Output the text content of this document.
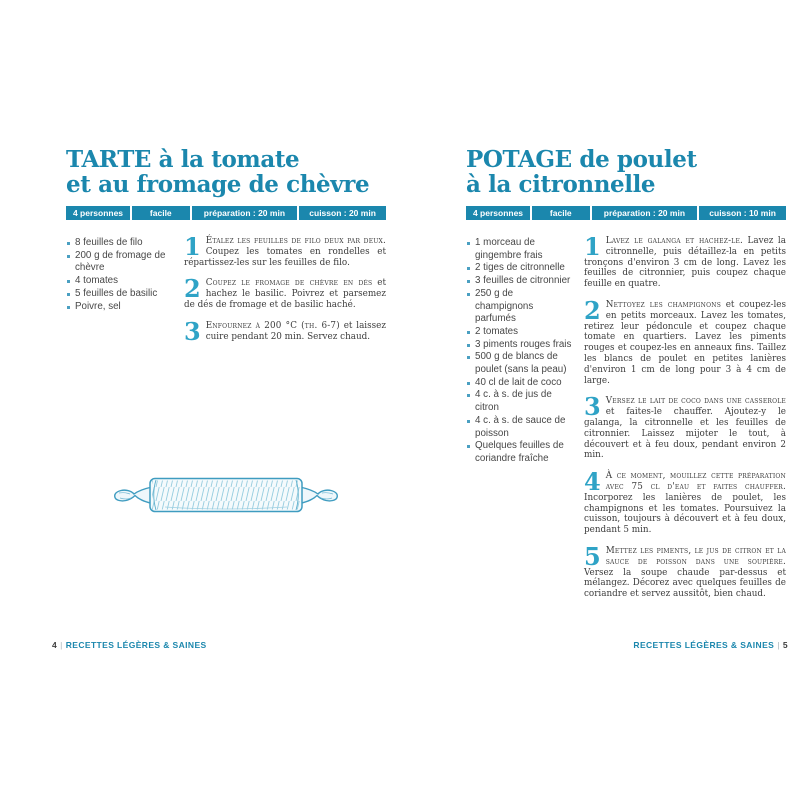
TARTE à la tomate
et au fromage de chèvre
4 personnes	facile	préparation : 20 min	cuisson : 20 min
8 feuilles de filo
200 g de fromage de chèvre
4 tomates
5 feuilles de basilic
Poivre, sel
1 Étalez les feuilles de filo deux par deux. Coupez les tomates en rondelles et répartissez-les sur les feuilles de filo.
2 Coupez le fromage de chèvre en dés et hachez le basilic. Poivrez et parsemez de dés de fromage et de basilic haché.
3 Enfournez à 200 °C (th. 6-7) et laissez cuire pendant 20 min. Servez chaud.
POTAGE de poulet
à la citronnelle
4 personnes	facile	préparation : 20 min	cuisson : 10 min
1 morceau de gingembre frais
2 tiges de citronnelle
3 feuilles de citronnier
250 g de champignons parfumés
2 tomates
3 piments rouges frais
500 g de blancs de poulet (sans la peau)
40 cl de lait de coco
4 c. à s. de jus de citron
4 c. à s. de sauce de poisson
Quelques feuilles de coriandre fraîche
1 Lavez le galanga et hachez-le. Lavez la citronnelle, puis détaillez-la en petits tronçons d'environ 3 cm de long. Lavez les feuilles de citronnier, puis coupez chaque feuille en quatre.
2 Nettoyez les champignons et coupez-les en petits morceaux. Lavez les tomates, retirez leur pédoncule et coupez chaque tomate en quartiers. Lavez les piments rouges et coupez-les en anneaux fins. Taillez les blancs de poulet en petites lanières d'environ 1 cm de long pour 3 à 4 cm de large.
3 Versez le lait de coco dans une casserole et faites-le chauffer. Ajoutez-y le galanga, la citronnelle et les feuilles de citronnier. Laissez mijoter le tout, à découvert et à feu doux, pendant environ 2 min.
4 À ce moment, mouillez cette préparation avec 75 cl d'eau et faites chauffer. Incorporez les lanières de poulet, les champignons et les tomates. Poursuivez la cuisson, toujours à découvert et à feu doux, pendant 5 min.
5 Mettez les piments, le jus de citron et la sauce de poisson dans une soupière. Versez la soupe chaude par-dessus et mélangez. Décorez avec quelques feuilles de coriandre et servez aussitôt, bien chaud.
4 | RECETTES LÉGÈRES & SAINES	RECETTES LÉGÈRES & SAINES | 5
